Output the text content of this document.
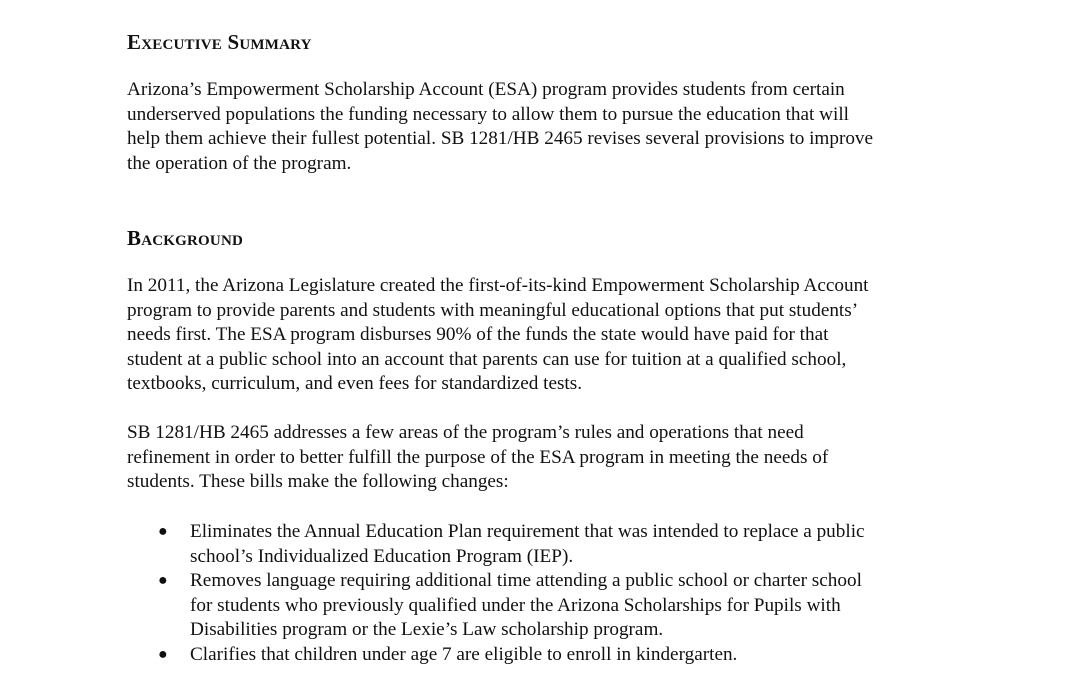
Executive Summary

Arizona’s Empowerment Scholarship Account (ESA) program provides students from certain
underserved populations the funding necessary to allow them to pursue the education that will
help them achieve their fullest potential. SB 1281/HB 2465 revises several provisions to improve
the operation of the program.

Background

In 2011, the Arizona Legislature created the first-of-its-kind Empowerment Scholarship Account
program to provide parents and students with meaningful educational options that put students’
needs first. The ESA program disburses 90% of the funds the state would have paid for that
student at a public school into an account that parents can use for tuition at a qualified school,
textbooks, curriculum, and even fees for standardized tests.

SB 1281/HB 2465 addresses a few areas of the program’s rules and operations that need
refinement in order to better fulfill the purpose of the ESA program in meeting the needs of
students. These bills make the following changes:

● Eliminates the Annual Education Plan requirement that was intended to replace a public
school’s Individualized Education Program (IEP).
● Removes language requiring additional time attending a public school or charter school
for students who previously qualified under the Arizona Scholarships for Pupils with
Disabilities program or the Lexie’s Law scholarship program.
● Clarifies that children under age 7 are eligible to enroll in kindergarten.
